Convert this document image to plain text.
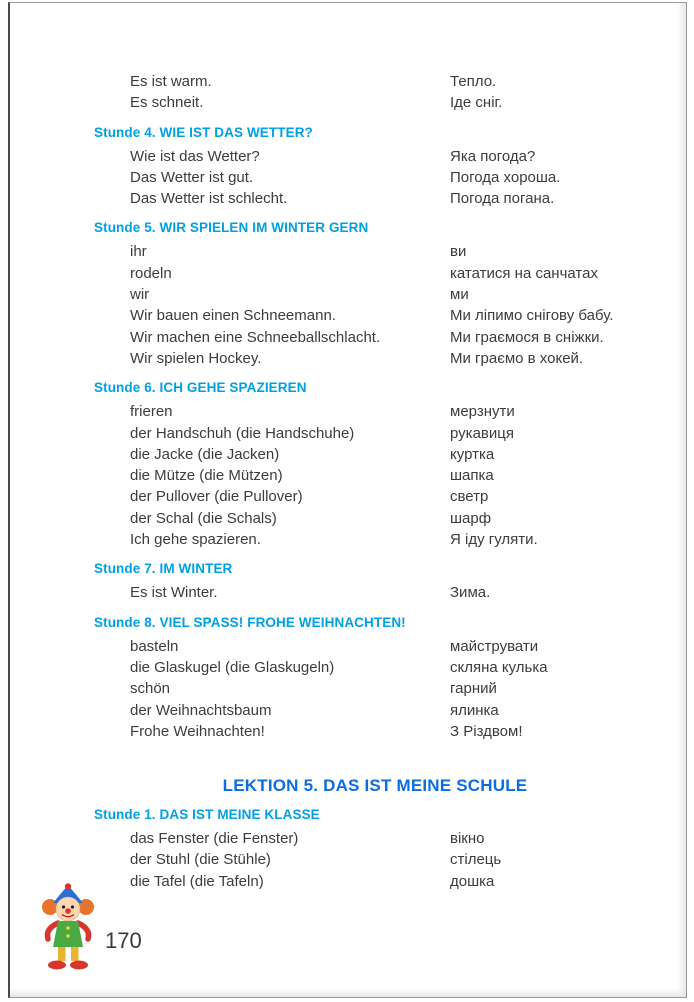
Es ist warm.	Тепло.
Es schneit.	Іде сніг.
Stunde 4. WIE IST DAS WETTER?
Wie ist das Wetter?	Яка погода?
Das Wetter ist gut.	Погода хороша.
Das Wetter ist schlecht.	Погода погана.
Stunde 5. WIR SPIELEN IM WINTER GERN
ihr	ви
rodeln	кататися на санчатах
wir	ми
Wir bauen einen Schneemann.	Ми ліпимо снігову бабу.
Wir machen eine Schneeballschlacht.	Ми граємося в сніжки.
Wir spielen Hockey.	Ми граємо в хокей.
Stunde 6. ICH GEHE SPAZIEREN
frieren	мерзнути
der Handschuh (die Handschuhe)	рукавиця
die Jacke (die Jacken)	куртка
die Mütze (die Mützen)	шапка
der Pullover (die Pullover)	светр
der Schal (die Schals)	шарф
Ich gehe spazieren.	Я іду гуляти.
Stunde 7. IM WINTER
Es ist Winter.	Зима.
Stunde 8. VIEL SPASS! FROHE WEIHNACHTEN!
basteln	майструвати
die Glaskugel (die Glaskugeln)	скляна кулька
schön	гарний
der Weihnachtsbaum	ялинка
Frohe Weihnachten!	З Різдвом!
LEKTION 5. DAS IST MEINE SCHULE
Stunde 1. DAS IST MEINE KLASSE
das Fenster (die Fenster)	вікно
der Stuhl (die Stühle)	стілець
die Tafel (die Tafeln)	дошка
170
